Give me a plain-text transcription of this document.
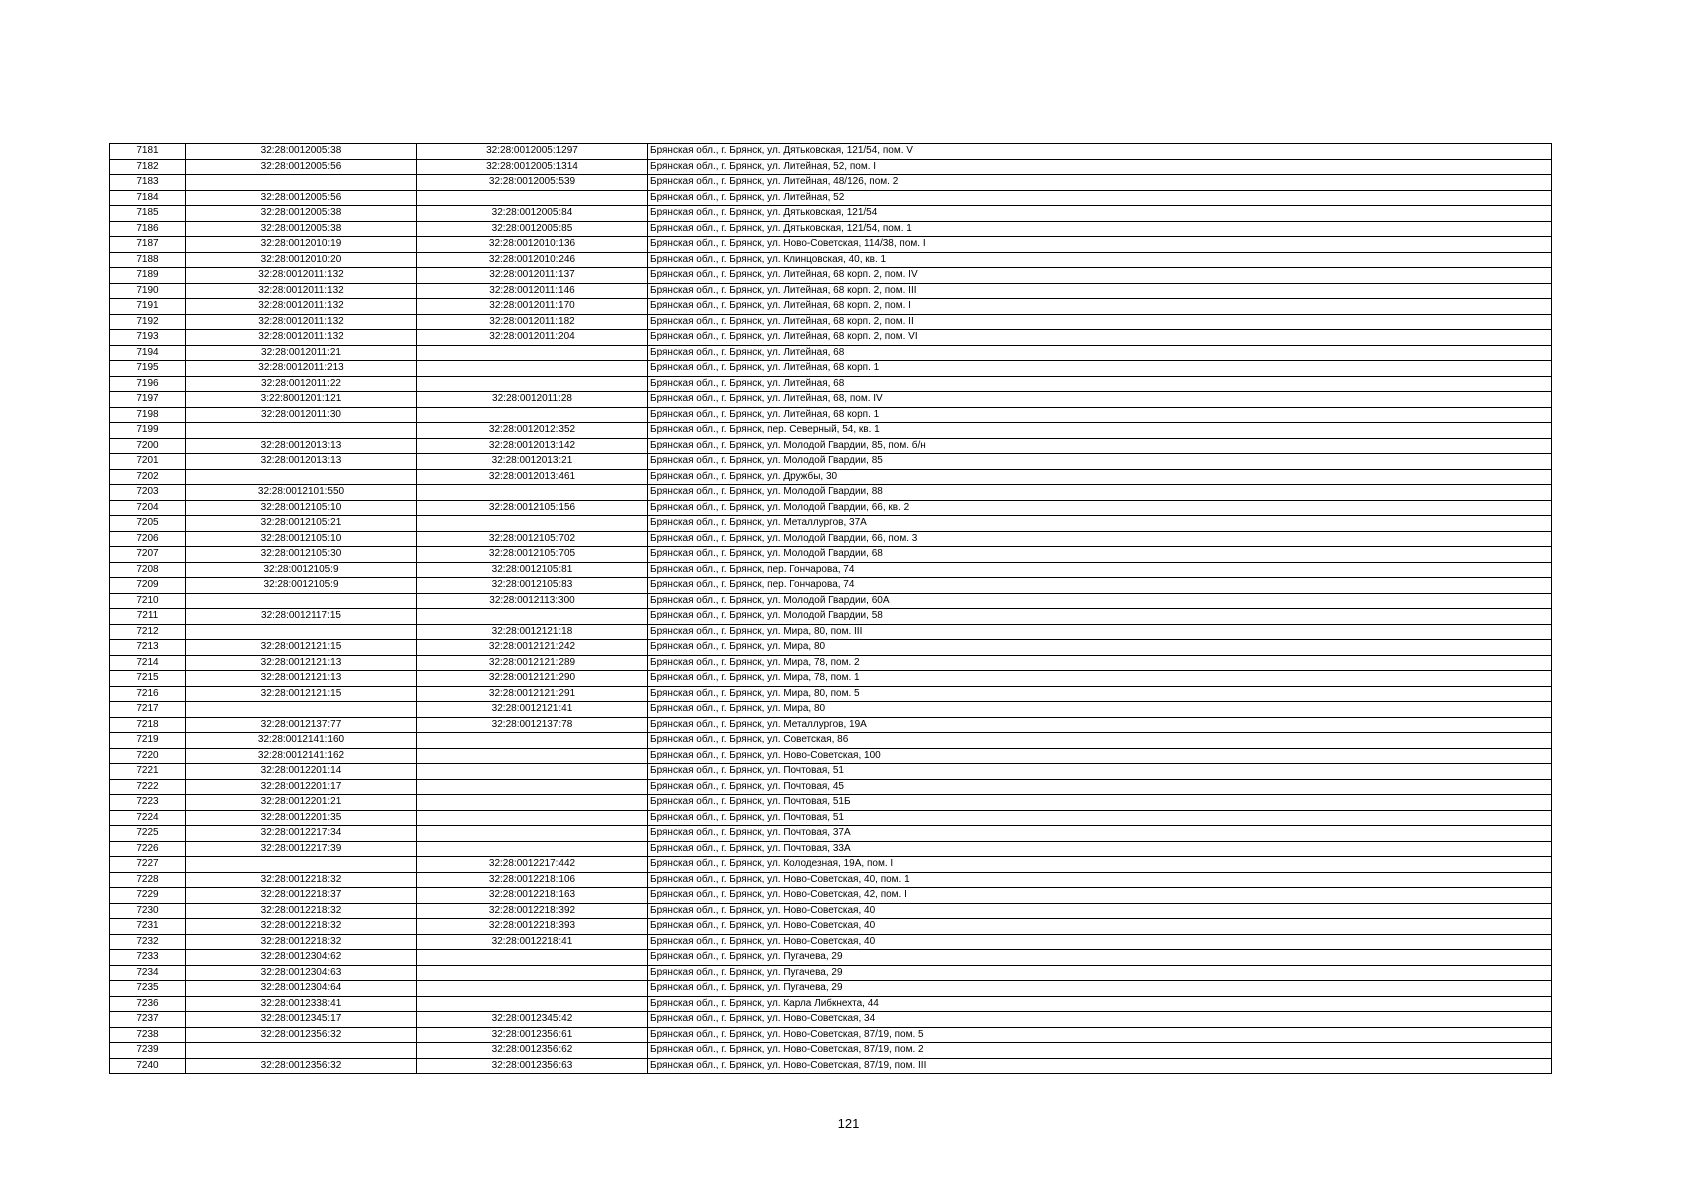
7181	32:28:0012005:38	32:28:0012005:1297	Брянская обл., г. Брянск, ул. Дятьковская, 121/54, пом. V
7182	32:28:0012005:56	32:28:0012005:1314	Брянская обл., г. Брянск, ул. Литейная, 52, пом. I
7183		32:28:0012005:539	Брянская обл., г. Брянск, ул. Литейная, 48/126, пом. 2
7184	32:28:0012005:56		Брянская обл., г. Брянск, ул. Литейная, 52
7185	32:28:0012005:38	32:28:0012005:84	Брянская обл., г. Брянск, ул. Дятьковская, 121/54
7186	32:28:0012005:38	32:28:0012005:85	Брянская обл., г. Брянск, ул. Дятьковская, 121/54, пом. 1
7187	32:28:0012010:19	32:28:0012010:136	Брянская обл., г. Брянск, ул. Ново-Советская, 114/38, пом. I
7188	32:28:0012010:20	32:28:0012010:246	Брянская обл., г. Брянск, ул. Клинцовская, 40, кв. 1
7189	32:28:0012011:132	32:28:0012011:137	Брянская обл., г. Брянск, ул. Литейная, 68 корп. 2, пом. IV
7190	32:28:0012011:132	32:28:0012011:146	Брянская обл., г. Брянск, ул. Литейная, 68 корп. 2, пом. III
7191	32:28:0012011:132	32:28:0012011:170	Брянская обл., г. Брянск, ул. Литейная, 68 корп. 2, пом. I
7192	32:28:0012011:132	32:28:0012011:182	Брянская обл., г. Брянск, ул. Литейная, 68 корп. 2, пом. II
7193	32:28:0012011:132	32:28:0012011:204	Брянская обл., г. Брянск, ул. Литейная, 68 корп. 2, пом. VI
7194	32:28:0012011:21		Брянская обл., г. Брянск, ул. Литейная, 68
7195	32:28:0012011:213		Брянская обл., г. Брянск, ул. Литейная, 68 корп. 1
7196	32:28:0012011:22		Брянская обл., г. Брянск, ул. Литейная, 68
7197	3:22:8001201:121	32:28:0012011:28	Брянская обл., г. Брянск, ул. Литейная, 68, пом. IV
7198	32:28:0012011:30		Брянская обл., г. Брянск, ул. Литейная, 68 корп. 1
7199		32:28:0012012:352	Брянская обл., г. Брянск, пер. Северный, 54, кв. 1
7200	32:28:0012013:13	32:28:0012013:142	Брянская обл., г. Брянск, ул. Молодой Гвардии, 85, пом. б/н
7201	32:28:0012013:13	32:28:0012013:21	Брянская обл., г. Брянск, ул. Молодой Гвардии, 85
7202		32:28:0012013:461	Брянская обл., г. Брянск, ул. Дружбы, 30
7203	32:28:0012101:550		Брянская обл., г. Брянск, ул. Молодой Гвардии, 88
7204	32:28:0012105:10	32:28:0012105:156	Брянская обл., г. Брянск, ул. Молодой Гвардии, 66, кв. 2
7205	32:28:0012105:21		Брянская обл., г. Брянск, ул. Металлургов, 37А
7206	32:28:0012105:10	32:28:0012105:702	Брянская обл., г. Брянск, ул. Молодой Гвардии, 66, пом. 3
7207	32:28:0012105:30	32:28:0012105:705	Брянская обл., г. Брянск, ул. Молодой Гвардии, 68
7208	32:28:0012105:9	32:28:0012105:81	Брянская обл., г. Брянск, пер. Гончарова, 74
7209	32:28:0012105:9	32:28:0012105:83	Брянская обл., г. Брянск, пер. Гончарова, 74
7210		32:28:0012113:300	Брянская обл., г. Брянск, ул. Молодой Гвардии, 60А
7211	32:28:0012117:15		Брянская обл., г. Брянск, ул. Молодой Гвардии, 58
7212		32:28:0012121:18	Брянская обл., г. Брянск, ул. Мира, 80, пом. III
7213	32:28:0012121:15	32:28:0012121:242	Брянская обл., г. Брянск, ул. Мира, 80
7214	32:28:0012121:13	32:28:0012121:289	Брянская обл., г. Брянск, ул. Мира, 78, пом. 2
7215	32:28:0012121:13	32:28:0012121:290	Брянская обл., г. Брянск, ул. Мира, 78, пом. 1
7216	32:28:0012121:15	32:28:0012121:291	Брянская обл., г. Брянск, ул. Мира, 80, пом. 5
7217		32:28:0012121:41	Брянская обл., г. Брянск, ул. Мира, 80
7218	32:28:0012137:77	32:28:0012137:78	Брянская обл., г. Брянск, ул. Металлургов, 19А
7219	32:28:0012141:160		Брянская обл., г. Брянск, ул. Советская, 86
7220	32:28:0012141:162		Брянская обл., г. Брянск, ул. Ново-Советская, 100
7221	32:28:0012201:14		Брянская обл., г. Брянск, ул. Почтовая, 51
7222	32:28:0012201:17		Брянская обл., г. Брянск, ул. Почтовая, 45
7223	32:28:0012201:21		Брянская обл., г. Брянск, ул. Почтовая, 51Б
7224	32:28:0012201:35		Брянская обл., г. Брянск, ул. Почтовая, 51
7225	32:28:0012217:34		Брянская обл., г. Брянск, ул. Почтовая, 37А
7226	32:28:0012217:39		Брянская обл., г. Брянск, ул. Почтовая, 33А
7227		32:28:0012217:442	Брянская обл., г. Брянск, ул. Колодезная, 19А, пом. I
7228	32:28:0012218:32	32:28:0012218:106	Брянская обл., г. Брянск, ул. Ново-Советская, 40, пом. 1
7229	32:28:0012218:37	32:28:0012218:163	Брянская обл., г. Брянск, ул. Ново-Советская, 42, пом. I
7230	32:28:0012218:32	32:28:0012218:392	Брянская обл., г. Брянск, ул. Ново-Советская, 40
7231	32:28:0012218:32	32:28:0012218:393	Брянская обл., г. Брянск, ул. Ново-Советская, 40
7232	32:28:0012218:32	32:28:0012218:41	Брянская обл., г. Брянск, ул. Ново-Советская, 40
7233	32:28:0012304:62		Брянская обл., г. Брянск, ул. Пугачева, 29
7234	32:28:0012304:63		Брянская обл., г. Брянск, ул. Пугачева, 29
7235	32:28:0012304:64		Брянская обл., г. Брянск, ул. Пугачева, 29
7236	32:28:0012338:41		Брянская обл., г. Брянск, ул. Карла Либкнехта, 44
7237	32:28:0012345:17	32:28:0012345:42	Брянская обл., г. Брянск, ул. Ново-Советская, 34
7238	32:28:0012356:32	32:28:0012356:61	Брянская обл., г. Брянск, ул. Ново-Советская, 87/19, пом. 5
7239		32:28:0012356:62	Брянская обл., г. Брянск, ул. Ново-Советская, 87/19, пом. 2
7240	32:28:0012356:32	32:28:0012356:63	Брянская обл., г. Брянск, ул. Ново-Советская, 87/19, пом. III
121
